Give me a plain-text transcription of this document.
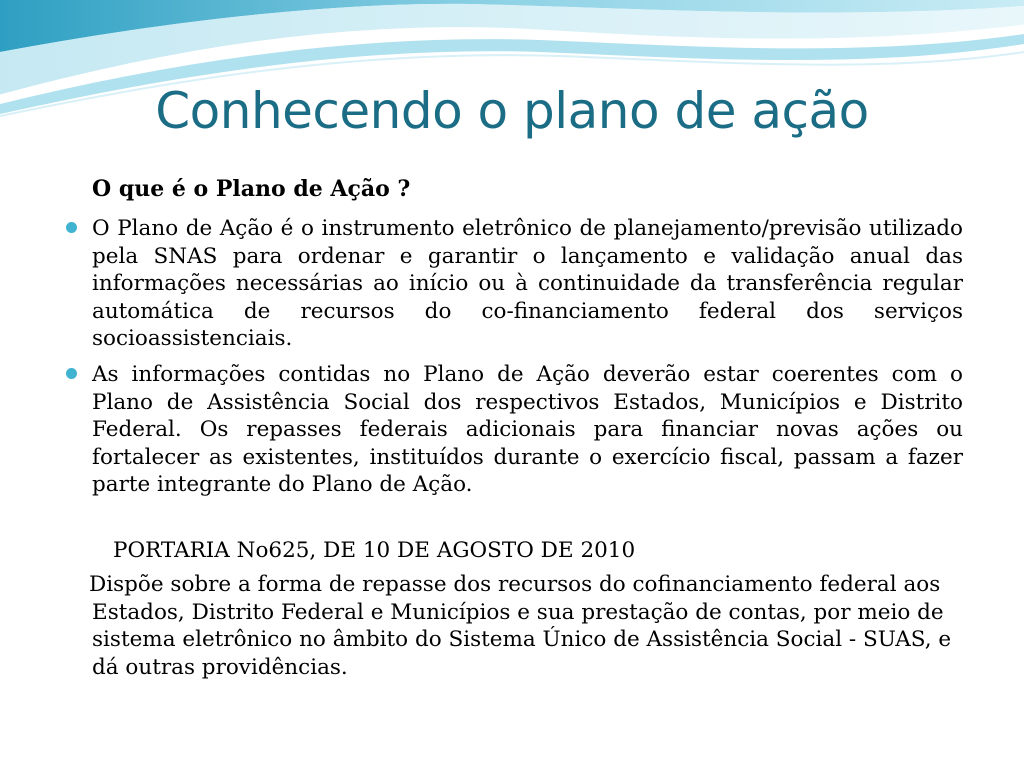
Conhecendo o plano de ação
O que é o Plano de Ação ?
O Plano de Ação é o instrumento eletrônico de planejamento/previsão utilizado pela SNAS para ordenar e garantir o lançamento e validação anual das informações necessárias ao início ou à continuidade da transferência regular automática de recursos do co-financiamento federal dos serviços socioassistenciais.
As informações contidas no Plano de Ação deverão estar coerentes com o Plano de Assistência Social dos respectivos Estados, Municípios e Distrito Federal. Os repasses federais adicionais para financiar novas ações ou fortalecer as existentes, instituídos durante o exercício fiscal, passam a fazer parte integrante do Plano de Ação.
PORTARIA No625, DE 10 DE AGOSTO DE 2010
Dispõe sobre a forma de repasse dos recursos do cofinanciamento federal aos Estados, Distrito Federal e Municípios e sua prestação de contas, por meio de sistema eletrônico no âmbito do Sistema Único de Assistência Social - SUAS, e dá outras providências.
